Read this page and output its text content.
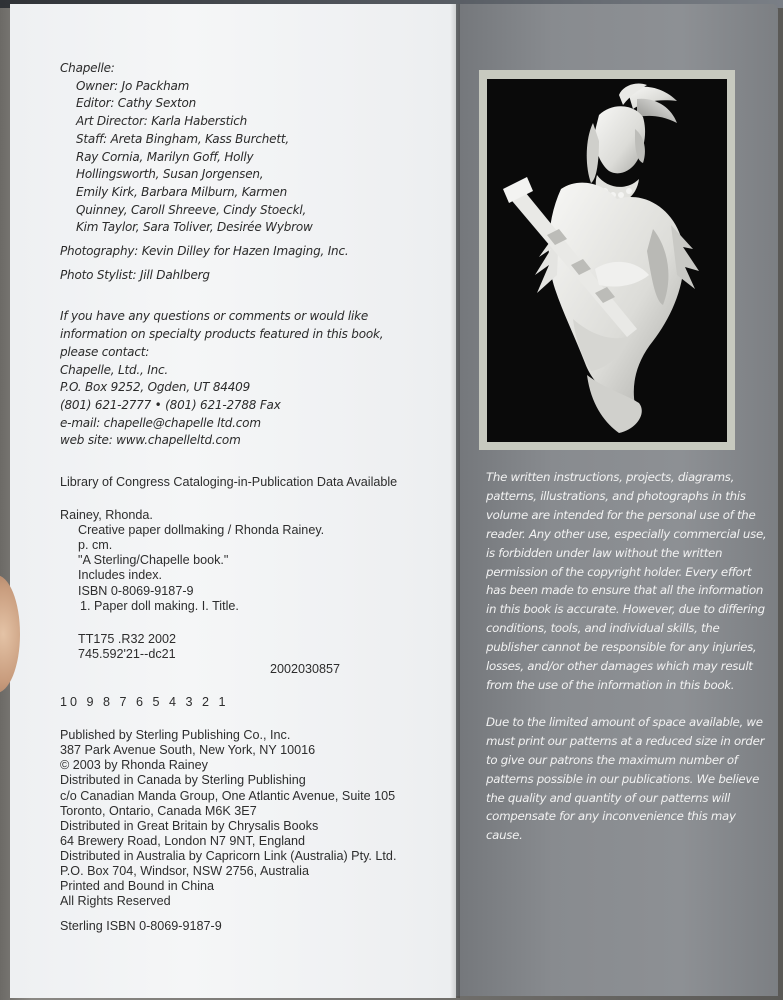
Chapelle:
Owner: Jo Packham
Editor: Cathy Sexton
Art Director: Karla Haberstich
Staff: Areta Bingham, Kass Burchett,
Ray Cornia, Marilyn Goff, Holly
Hollingsworth, Susan Jorgensen,
Emily Kirk, Barbara Milburn, Karmen
Quinney, Caroll Shreeve, Cindy Stoeckl,
Kim Taylor, Sara Toliver, Desirée Wybrow
Photography: Kevin Dilley for Hazen Imaging, Inc.
Photo Stylist: Jill Dahlberg
If you have any questions or comments or would like
information on specialty products featured in this book,
please contact:
Chapelle, Ltd., Inc.
P.O. Box 9252, Ogden, UT 84409
(801) 621-2777 • (801) 621-2788 Fax
e-mail: chapelle@chapelle ltd.com
web site: www.chapelleltd.com
Library of Congress Cataloging-in-Publication Data Available
Rainey, Rhonda.
Creative paper dollmaking / Rhonda Rainey.
p. cm.
"A Sterling/Chapelle book."
Includes index.
ISBN 0-8069-9187-9
1. Paper doll making. I. Title.
TT175 .R32 2002
745.592'21--dc21
2002030857
10 9 8 7 6 5 4 3 2 1
Published by Sterling Publishing Co., Inc.
387 Park Avenue South, New York, NY 10016
© 2003 by Rhonda Rainey
Distributed in Canada by Sterling Publishing
c/o Canadian Manda Group, One Atlantic Avenue, Suite 105
Toronto, Ontario, Canada M6K 3E7
Distributed in Great Britain by Chrysalis Books
64 Brewery Road, London N7 9NT, England
Distributed in Australia by Capricorn Link (Australia) Pty. Ltd.
P.O. Box 704, Windsor, NSW 2756, Australia
Printed and Bound in China
All Rights Reserved
Sterling ISBN 0-8069-9187-9

The written instructions, projects, diagrams, patterns, illustrations, and photographs in this volume are intended for the personal use of the reader. Any other use, especially commercial use, is forbidden under law without the written permission of the copyright holder. Every effort has been made to ensure that all the information in this book is accurate. However, due to differing conditions, tools, and individual skills, the publisher cannot be responsible for any injuries, losses, and/or other damages which may result from the use of the information in this book.

Due to the limited amount of space available, we must print our patterns at a reduced size in order to give our patrons the maximum number of patterns possible in our publications. We believe the quality and quantity of our patterns will compensate for any inconvenience this may cause.
